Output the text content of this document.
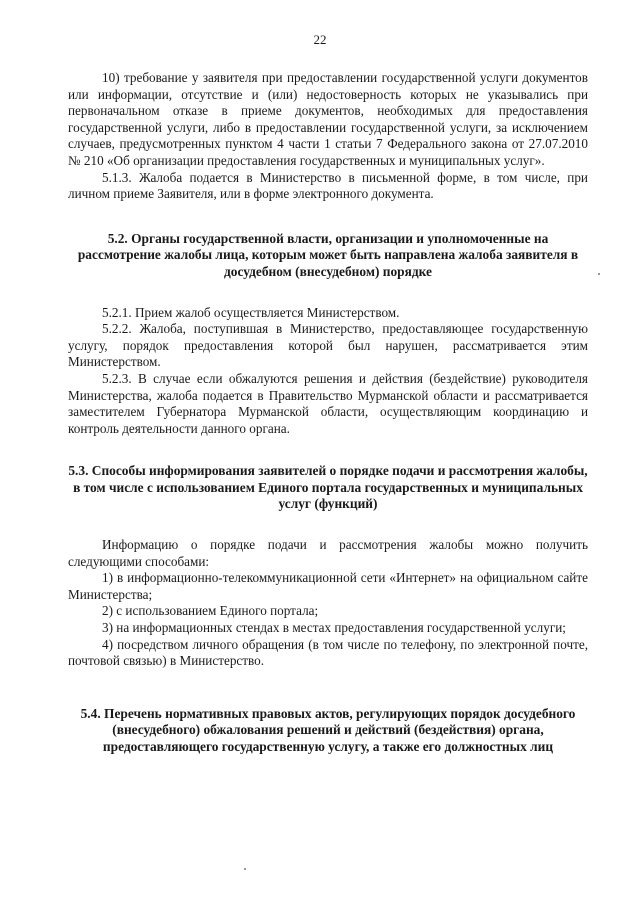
22

10) требование у заявителя при предоставлении государственной услуги документов или информации, отсутствие и (или) недостоверность которых не указывались при первоначальном отказе в приеме документов, необходимых для предоставления государственной услуги, либо в предоставлении государственной услуги, за исключением случаев, предусмотренных пунктом 4 части 1 статьи 7 Федерального закона от 27.07.2010 № 210 «Об организации предоставления государственных и муниципальных услуг».

5.1.3. Жалоба подается в Министерство в письменной форме, в том числе, при личном приеме Заявителя, или в форме электронного документа.

5.2. Органы государственной власти, организации и уполномоченные на рассмотрение жалобы лица, которым может быть направлена жалоба заявителя в досудебном (внесудебном) порядке

5.2.1. Прием жалоб осуществляется Министерством.

5.2.2. Жалоба, поступившая в Министерство, предоставляющее государственную услугу, порядок предоставления которой был нарушен, рассматривается этим Министерством.

5.2.3. В случае если обжалуются решения и действия (бездействие) руководителя Министерства, жалоба подается в Правительство Мурманской области и рассматривается заместителем Губернатора Мурманской области, осуществляющим координацию и контроль деятельности данного органа.

5.3. Способы информирования заявителей о порядке подачи и рассмотрения жалобы, в том числе с использованием Единого портала государственных и муниципальных услуг (функций)

Информацию о порядке подачи и рассмотрения жалобы можно получить следующими способами:

1) в информационно-телекоммуникационной сети «Интернет» на официальном сайте Министерства;

2) с использованием Единого портала;

3) на информационных стендах в местах предоставления государственной услуги;

4) посредством личного обращения (в том числе по телефону, по электронной почте, почтовой связью) в Министерство.

5.4. Перечень нормативных правовых актов, регулирующих порядок досудебного (внесудебного) обжалования решений и действий (бездействия) органа, предоставляющего государственную услугу, а также его должностных лиц
